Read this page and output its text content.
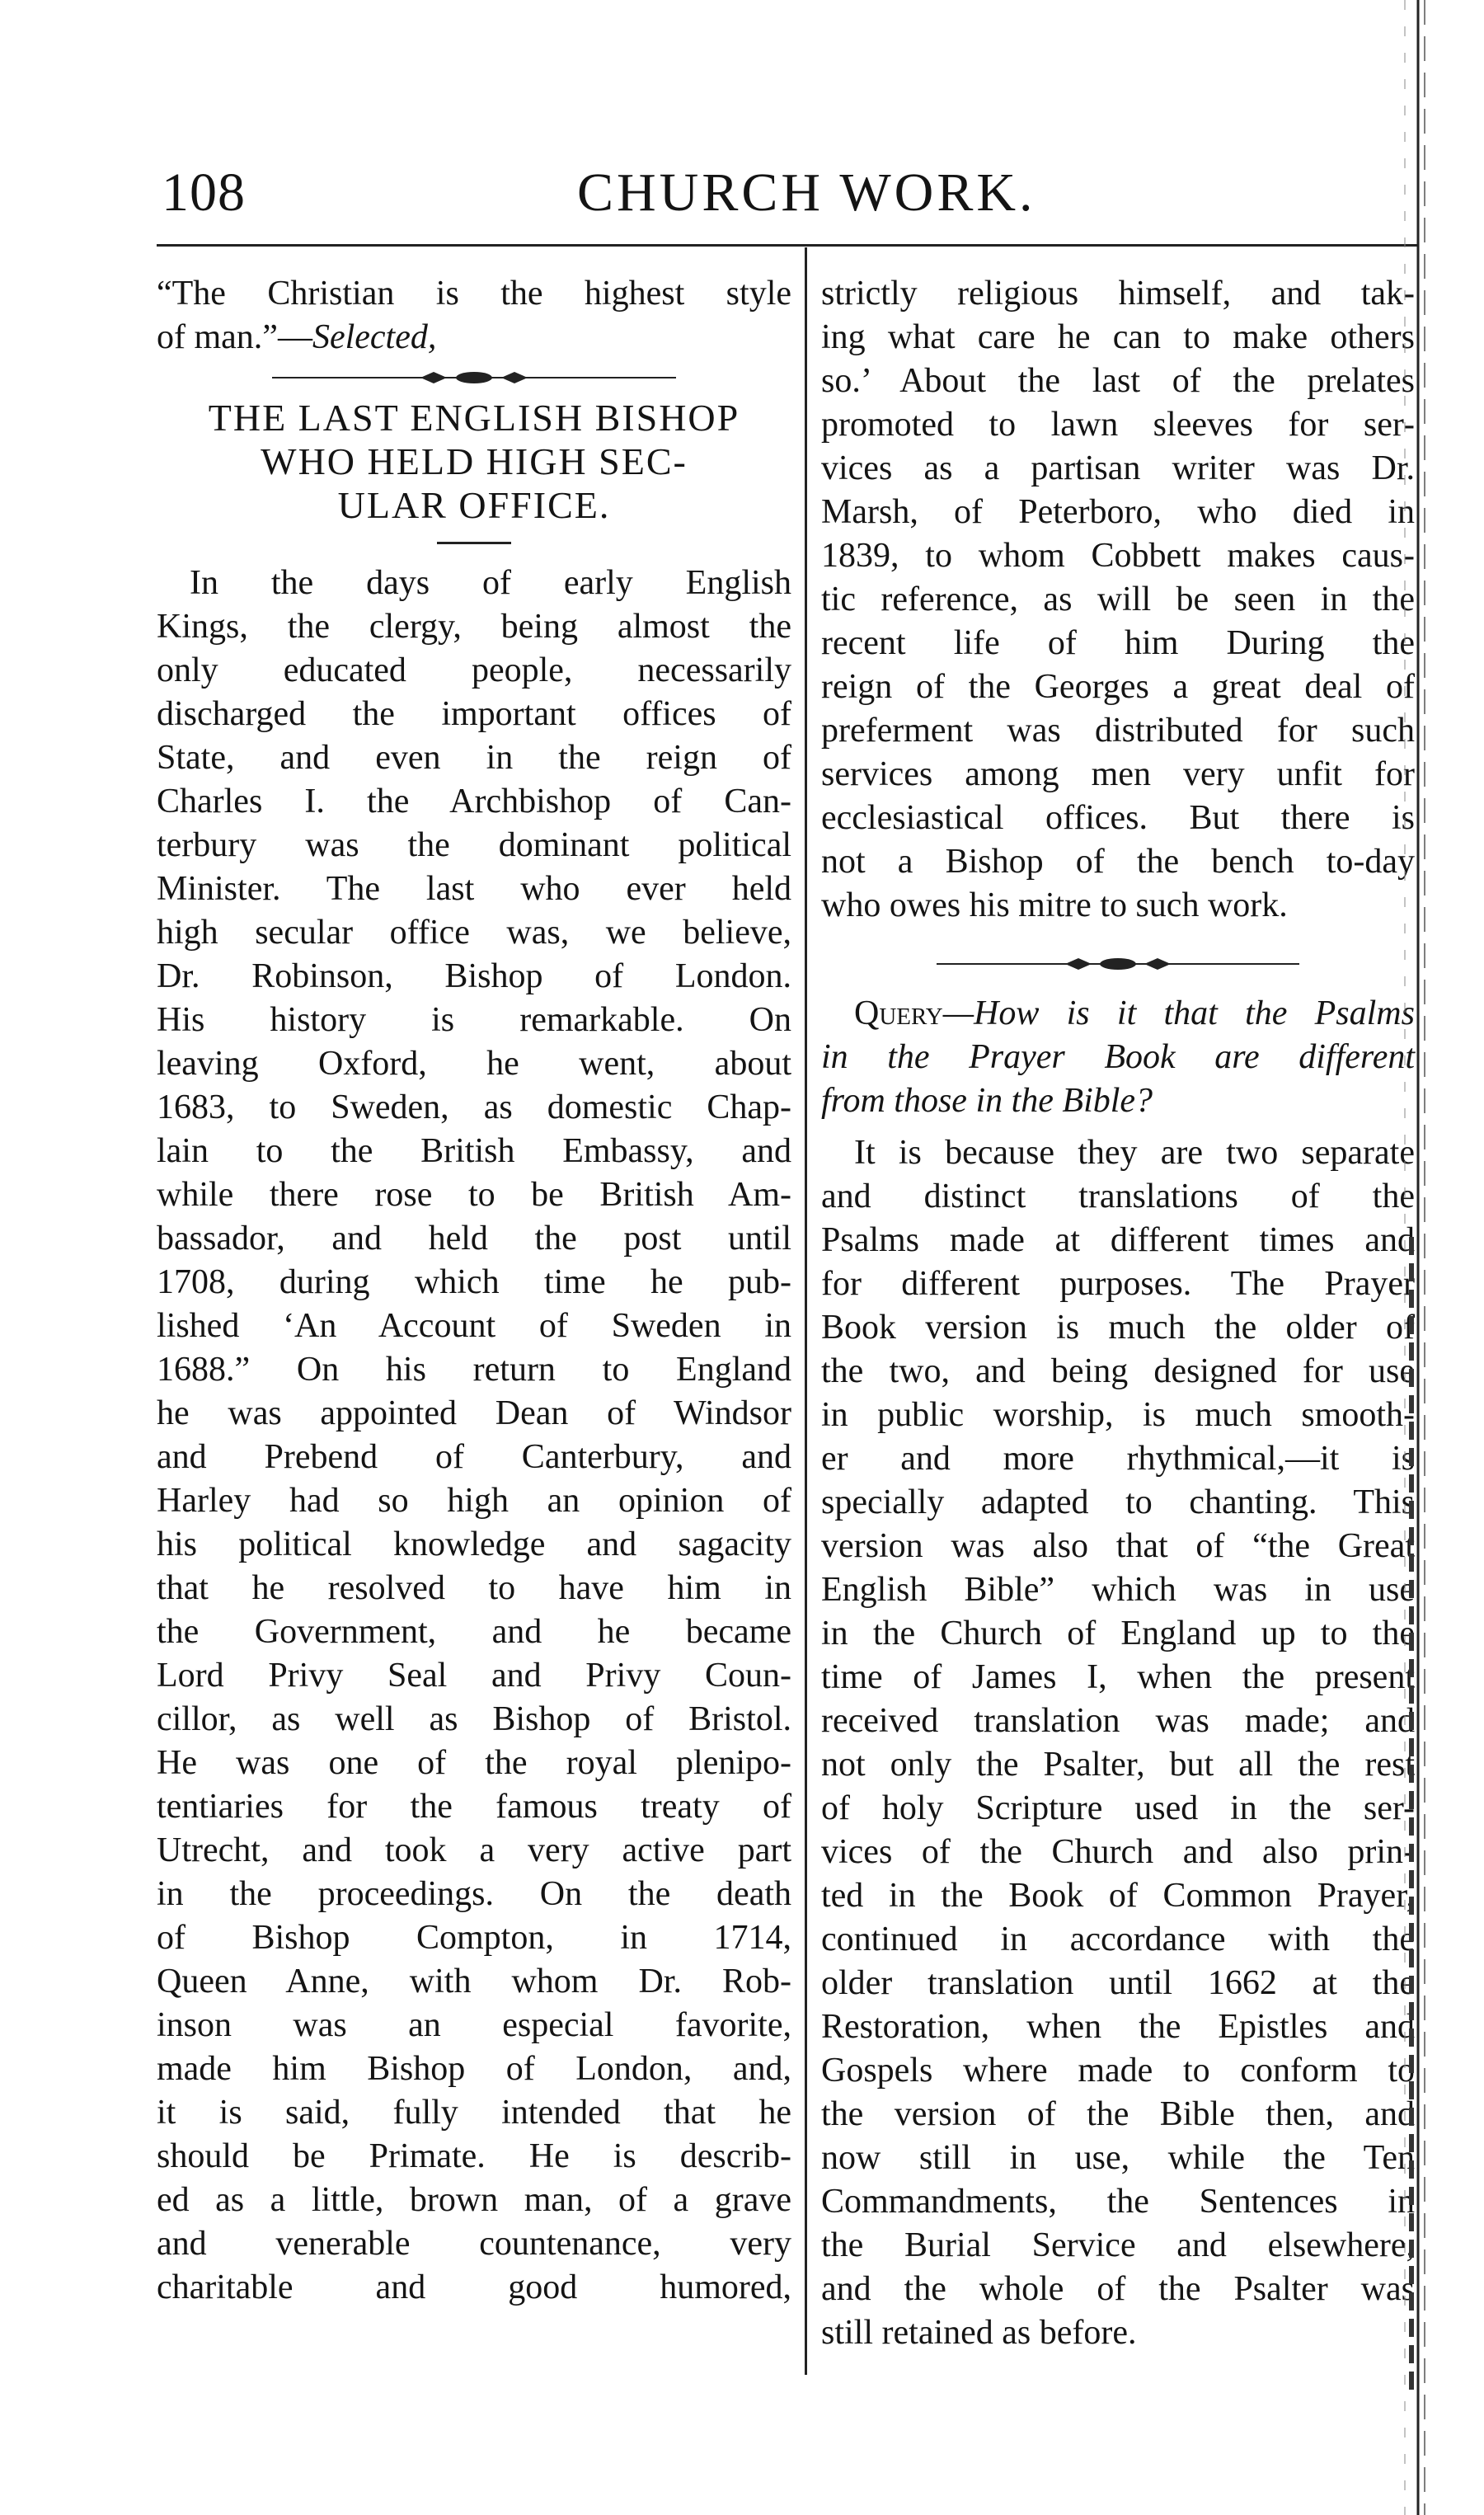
108	CHURCH WORK.
“The Christian is the highest style
of man.”—Selected,
THE LAST ENGLISH BISHOP
WHO HELD HIGH SEC-
ULAR OFFICE.
In the days of early English
Kings, the clergy, being almost the
only educated people, necessarily
discharged the important offices of
State, and even in the reign of
Charles I. the Archbishop of Can-
terbury was the dominant political
Minister. The last who ever held
high secular office was, we believe,
Dr. Robinson, Bishop of London.
His history is remarkable. On
leaving Oxford, he went, about
1683, to Sweden, as domestic Chap-
lain to the British Embassy, and
while there rose to be British Am-
bassador, and held the post until
1708, during which time he pub-
lished ‘An Account of Sweden in
1688.” On his return to England
he was appointed Dean of Windsor
and Prebend of Canterbury, and
Harley had so high an opinion of
his political knowledge and sagacity
that he resolved to have him in
the Government, and he became
Lord Privy Seal and Privy Coun-
cillor, as well as Bishop of Bristol.
He was one of the royal plenipo-
tentiaries for the famous treaty of
Utrecht, and took a very active part
in the proceedings. On the death
of Bishop Compton, in 1714,
Queen Anne, with whom Dr. Rob-
inson was an especial favorite,
made him Bishop of London, and,
it is said, fully intended that he
should be Primate. He is describ-
ed as a little, brown man, of a grave
and venerable countenance, very
charitable and good humored,
strictly religious himself, and tak-
ing what care he can to make others
so.’ About the last of the prelates
promoted to lawn sleeves for ser-
vices as a partisan writer was Dr.
Marsh, of Peterboro, who died in
1839, to whom Cobbett makes caus-
tic reference, as will be seen in the
recent life of him During the
reign of the Georges a great deal of
preferment was distributed for such
services among men very unfit for
ecclesiastical offices. But there is
not a Bishop of the bench to-day
who owes his mitre to such work.
Query—How is it that the Psalms
in the Prayer Book are different
from those in the Bible?
It is because they are two separate
and distinct translations of the
Psalms made at different times and
for different purposes. The Prayer
Book version is much the older of
the two, and being designed for use
in public worship, is much smooth-
er and more rhythmical,—it is
specially adapted to chanting. This
version was also that of “the Great
English Bible” which was in use
in the Church of England up to the
time of James I, when the present
received translation was made; and
not only the Psalter, but all the rest
of holy Scripture used in the ser-
vices of the Church and also prin-
ted in the Book of Common Prayer,
continued in accordance with the
older translation until 1662 at the
Restoration, when the Epistles and
Gospels where made to conform to
the version of the Bible then, and
now still in use, while the Ten
Commandments, the Sentences in
the Burial Service and elsewhere,
and the whole of the Psalter was
still retained as before.
